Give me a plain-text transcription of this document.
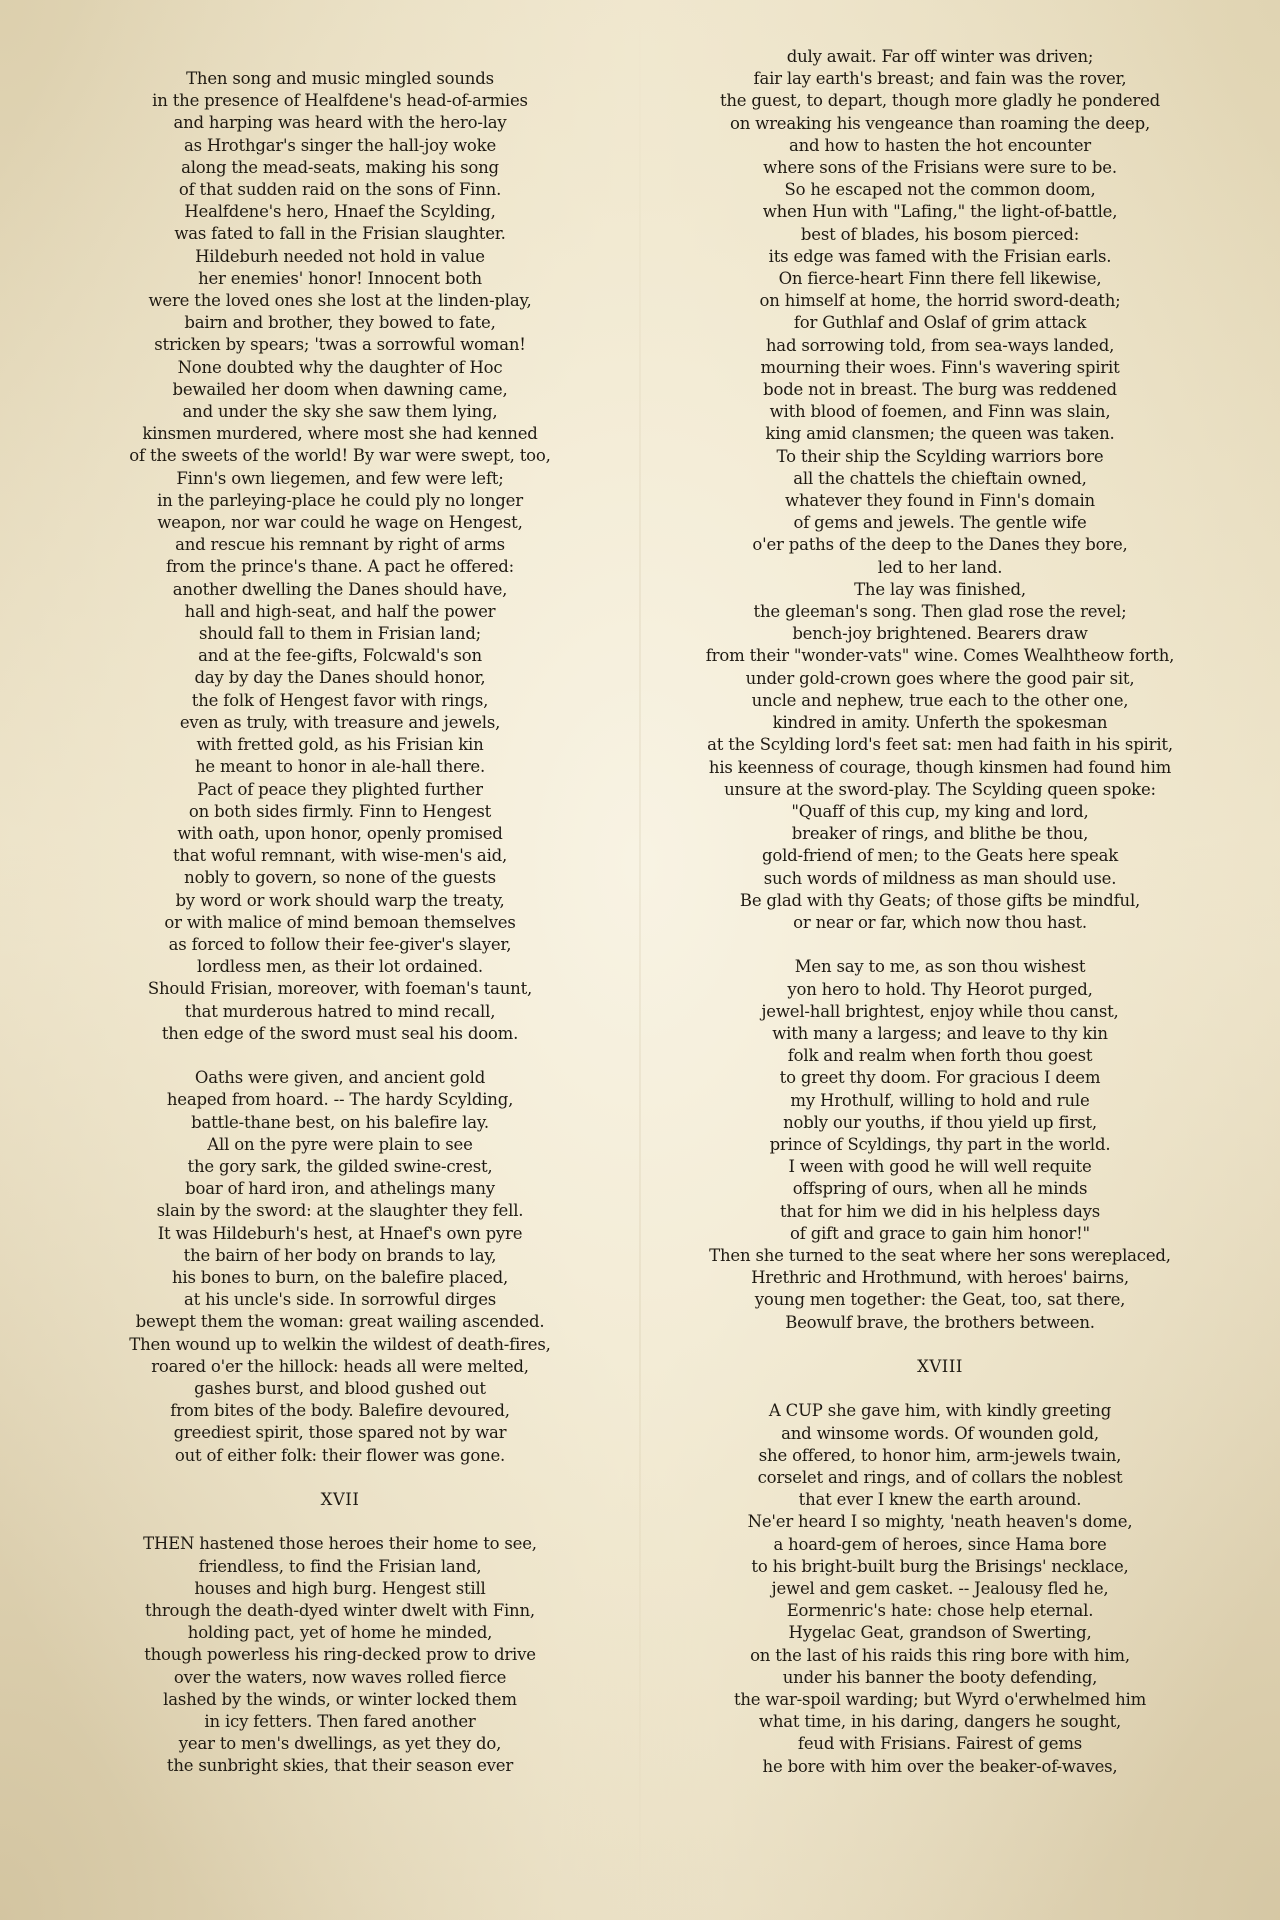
Then song and music mingled sounds
in the presence of Healfdene's head-of-armies
and harping was heard with the hero-lay
as Hrothgar's singer the hall-joy woke
along the mead-seats, making his song
of that sudden raid on the sons of Finn.
Healfdene's hero, Hnaef the Scylding,
was fated to fall in the Frisian slaughter.
Hildeburh needed not hold in value
her enemies' honor! Innocent both
were the loved ones she lost at the linden-play,
bairn and brother, they bowed to fate,
stricken by spears; 'twas a sorrowful woman!
None doubted why the daughter of Hoc
bewailed her doom when dawning came,
and under the sky she saw them lying,
kinsmen murdered, where most she had kenned
of the sweets of the world! By war were swept, too,
Finn's own liegemen, and few were left;
in the parleying-place he could ply no longer
weapon, nor war could he wage on Hengest,
and rescue his remnant by right of arms
from the prince's thane. A pact he offered:
another dwelling the Danes should have,
hall and high-seat, and half the power
should fall to them in Frisian land;
and at the fee-gifts, Folcwald's son
day by day the Danes should honor,
the folk of Hengest favor with rings,
even as truly, with treasure and jewels,
with fretted gold, as his Frisian kin
he meant to honor in ale-hall there.
Pact of peace they plighted further
on both sides firmly. Finn to Hengest
with oath, upon honor, openly promised
that woful remnant, with wise-men's aid,
nobly to govern, so none of the guests
by word or work should warp the treaty,
or with malice of mind bemoan themselves
as forced to follow their fee-giver's slayer,
lordless men, as their lot ordained.
Should Frisian, moreover, with foeman's taunt,
that murderous hatred to mind recall,
then edge of the sword must seal his doom.
Oaths were given, and ancient gold
heaped from hoard. -- The hardy Scylding,
battle-thane best, on his balefire lay.
All on the pyre were plain to see
the gory sark, the gilded swine-crest,
boar of hard iron, and athelings many
slain by the sword: at the slaughter they fell.
It was Hildeburh's hest, at Hnaef's own pyre
the bairn of her body on brands to lay,
his bones to burn, on the balefire placed,
at his uncle's side. In sorrowful dirges
bewept them the woman: great wailing ascended.
Then wound up to welkin the wildest of death-fires,
roared o'er the hillock: heads all were melted,
gashes burst, and blood gushed out
from bites of the body. Balefire devoured,
greediest spirit, those spared not by war
out of either folk: their flower was gone.
XVII
THEN hastened those heroes their home to see,
friendless, to find the Frisian land,
houses and high burg. Hengest still
through the death-dyed winter dwelt with Finn,
holding pact, yet of home he minded,
though powerless his ring-decked prow to drive
over the waters, now waves rolled fierce
lashed by the winds, or winter locked them
in icy fetters. Then fared another
year to men's dwellings, as yet they do,
the sunbright skies, that their season ever
duly await. Far off winter was driven;
fair lay earth's breast; and fain was the rover,
the guest, to depart, though more gladly he pondered
on wreaking his vengeance than roaming the deep,
and how to hasten the hot encounter
where sons of the Frisians were sure to be.
So he escaped not the common doom,
when Hun with "Lafing," the light-of-battle,
best of blades, his bosom pierced:
its edge was famed with the Frisian earls.
On fierce-heart Finn there fell likewise,
on himself at home, the horrid sword-death;
for Guthlaf and Oslaf of grim attack
had sorrowing told, from sea-ways landed,
mourning their woes. Finn's wavering spirit
bode not in breast. The burg was reddened
with blood of foemen, and Finn was slain,
king amid clansmen; the queen was taken.
To their ship the Scylding warriors bore
all the chattels the chieftain owned,
whatever they found in Finn's domain
of gems and jewels. The gentle wife
o'er paths of the deep to the Danes they bore,
led to her land.
The lay was finished,
the gleeman's song. Then glad rose the revel;
bench-joy brightened. Bearers draw
from their "wonder-vats" wine. Comes Wealhtheow forth,
under gold-crown goes where the good pair sit,
uncle and nephew, true each to the other one,
kindred in amity. Unferth the spokesman
at the Scylding lord's feet sat: men had faith in his spirit,
his keenness of courage, though kinsmen had found him
unsure at the sword-play. The Scylding queen spoke:
"Quaff of this cup, my king and lord,
breaker of rings, and blithe be thou,
gold-friend of men; to the Geats here speak
such words of mildness as man should use.
Be glad with thy Geats; of those gifts be mindful,
or near or far, which now thou hast.
Men say to me, as son thou wishest
yon hero to hold. Thy Heorot purged,
jewel-hall brightest, enjoy while thou canst,
with many a largess; and leave to thy kin
folk and realm when forth thou goest
to greet thy doom. For gracious I deem
my Hrothulf, willing to hold and rule
nobly our youths, if thou yield up first,
prince of Scyldings, thy part in the world.
I ween with good he will well requite
offspring of ours, when all he minds
that for him we did in his helpless days
of gift and grace to gain him honor!"
Then she turned to the seat where her sons wereplaced,
Hrethric and Hrothmund, with heroes' bairns,
young men together: the Geat, too, sat there,
Beowulf brave, the brothers between.
XVIII
A CUP she gave him, with kindly greeting
and winsome words. Of wounden gold,
she offered, to honor him, arm-jewels twain,
corselet and rings, and of collars the noblest
that ever I knew the earth around.
Ne'er heard I so mighty, 'neath heaven's dome,
a hoard-gem of heroes, since Hama bore
to his bright-built burg the Brisings' necklace,
jewel and gem casket. -- Jealousy fled he,
Eormenric's hate: chose help eternal.
Hygelac Geat, grandson of Swerting,
on the last of his raids this ring bore with him,
under his banner the booty defending,
the war-spoil warding; but Wyrd o'erwhelmed him
what time, in his daring, dangers he sought,
feud with Frisians. Fairest of gems
he bore with him over the beaker-of-waves,
